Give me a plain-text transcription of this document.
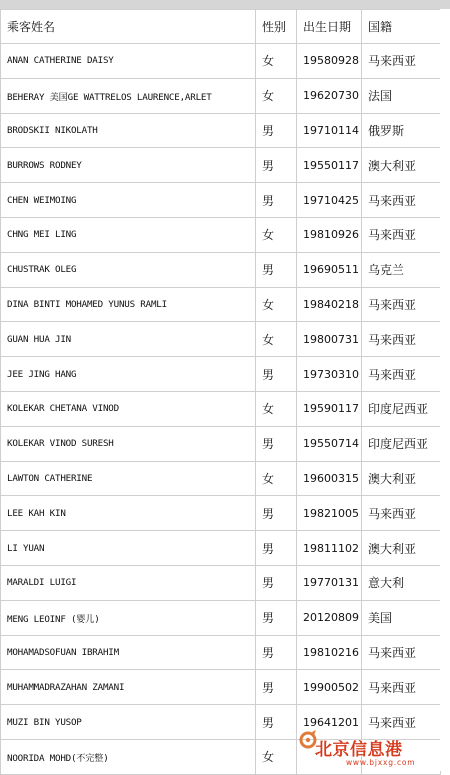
乘客姓名	性别	出生日期	国籍
ANAN CATHERINE DAISY	女	19580928	马来西亚
BEHERAY 美国GE WATTRELOS LAURENCE,ARLET	女	19620730	法国
BRODSKII NIKOLATH	男	19710114	俄罗斯
BURROWS RODNEY	男	19550117	澳大利亚
CHEN WEIMOING	男	19710425	马来西亚
CHNG MEI LING	女	19810926	马来西亚
CHUSTRAK OLEG	男	19690511	乌克兰
DINA BINTI MOHAMED YUNUS RAMLI	女	19840218	马来西亚
GUAN HUA JIN	女	19800731	马来西亚
JEE JING HANG	男	19730310	马来西亚
KOLEKAR CHETANA VINOD	女	19590117	印度尼西亚
KOLEKAR VINOD SURESH	男	19550714	印度尼西亚
LAWTON CATHERINE	女	19600315	澳大利亚
LEE KAH KIN	男	19821005	马来西亚
LI YUAN	男	19811102	澳大利亚
MARALDI LUIGI	男	19770131	意大利
MENG LEOINF (婴儿)	男	20120809	美国
MOHAMADSOFUAN IBRAHIM	男	19810216	马来西亚
MUHAMMADRAZAHAN ZAMANI	男	19900502	马来西亚
MUZI BIN YUSOP	男	19641201	马来西亚
NOORIDA MOHD(不完整)	女		北京信息港
www.bjxxg.com
